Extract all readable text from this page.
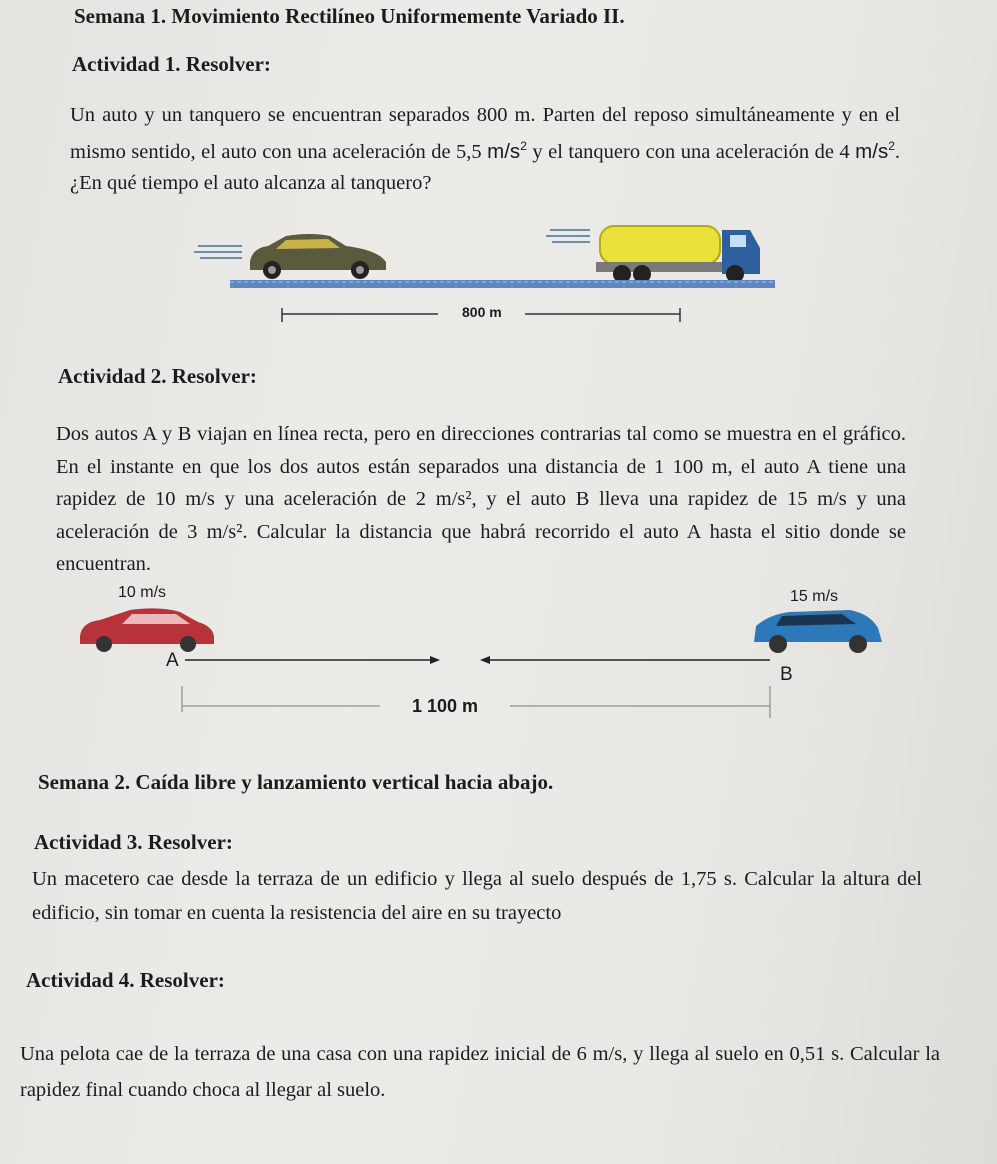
Semana 1. Movimiento Rectilíneo Uniformemente Variado II.
Actividad 1. Resolver:

Un auto y un tanquero se encuentran separados 800 m. Parten del reposo simultáneamente y en el mismo sentido, el auto con una aceleración de 5,5 $m/s^2$ y el tanquero con una aceleración de 4 $m/s^2$. ¿En qué tiempo el auto alcanza al tanquero?

800 m
Actividad 2. Resolver:

Dos autos A y B viajan en línea recta, pero en direcciones contrarias tal como se muestra en el gráfico. En el instante en que los dos autos están separados una distancia de 1 100 m, el auto A tiene una rapidez de 10 m/s y una aceleración de 2 m/s², y el auto B lleva una rapidez de 15 m/s y una aceleración de 3 m/s². Calcular la distancia que habrá recorrido el auto A hasta el sitio donde se encuentran.

10 m/s	15 m/s
A
B
1 100 m
Semana 2. Caída libre y lanzamiento vertical hacia abajo.
Actividad 3. Resolver:

Un macetero cae desde la terraza de un edificio y llega al suelo después de 1,75 s. Calcular la altura del edificio, sin tomar en cuenta la resistencia del aire en su trayecto

Actividad 4. Resolver:

Una pelota cae de la terraza de una casa con una rapidez inicial de 6 m/s, y llega al suelo en 0,51 s. Calcular la rapidez final cuando choca al llegar al suelo.
